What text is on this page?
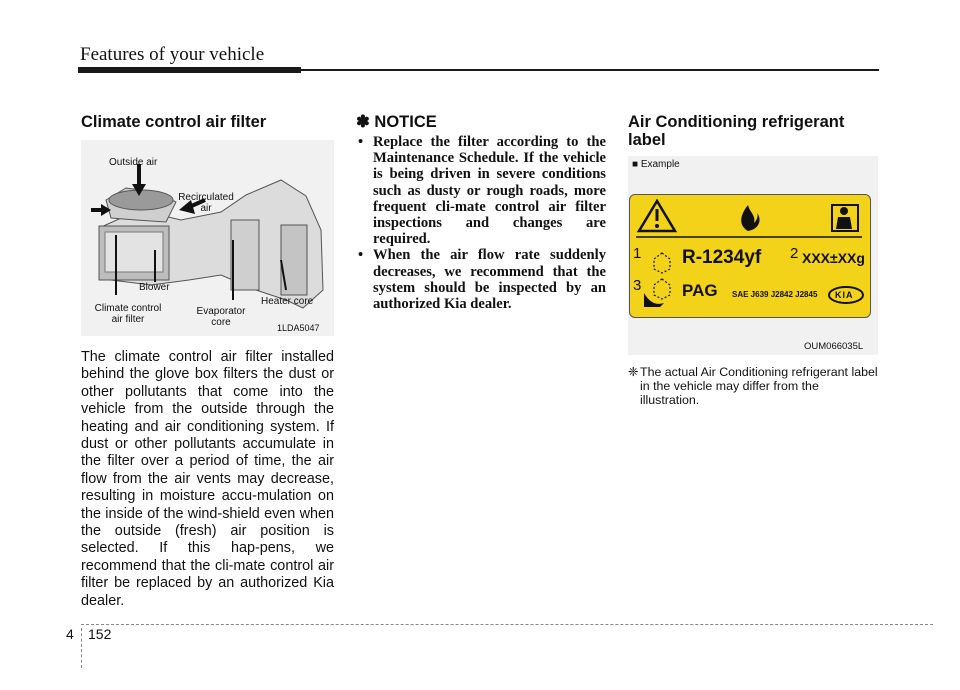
Features of your vehicle
Climate control air filter
Outside air
Recirculated
air
Blower
Climate control
air filter
Evaporator
core
Heater core
1LDA5047

The climate control air filter installed behind the glove box filters the dust or other pollutants that come into the vehicle from the outside through the heating and air conditioning system. If dust or other pollutants accumulate in the filter over a period of time, the air flow from the air vents may decrease, resulting in moisture accu-mulation on the inside of the wind-shield even when the outside (fresh) air position is selected. If this hap-pens, we recommend that the cli-mate control air filter be replaced by an authorized Kia dealer.

✽ NOTICE
• Replace the filter according to the Maintenance Schedule. If the vehicle is being driven in severe conditions such as dusty or rough roads, more frequent cli-mate control air filter inspections and changes are required.
• When the air flow rate suddenly decreases, we recommend that the system should be inspected by an authorized Kia dealer.
Air Conditioning refrigerant
label
■ Example
1	2
3
R-1234yf	XXX±XXg
PAG SAE J639 J2842 J2845 KIA
OUM066035L
❈ The actual Air Conditioning refrigerant label in the vehicle may differ from the illustration.
4 152
